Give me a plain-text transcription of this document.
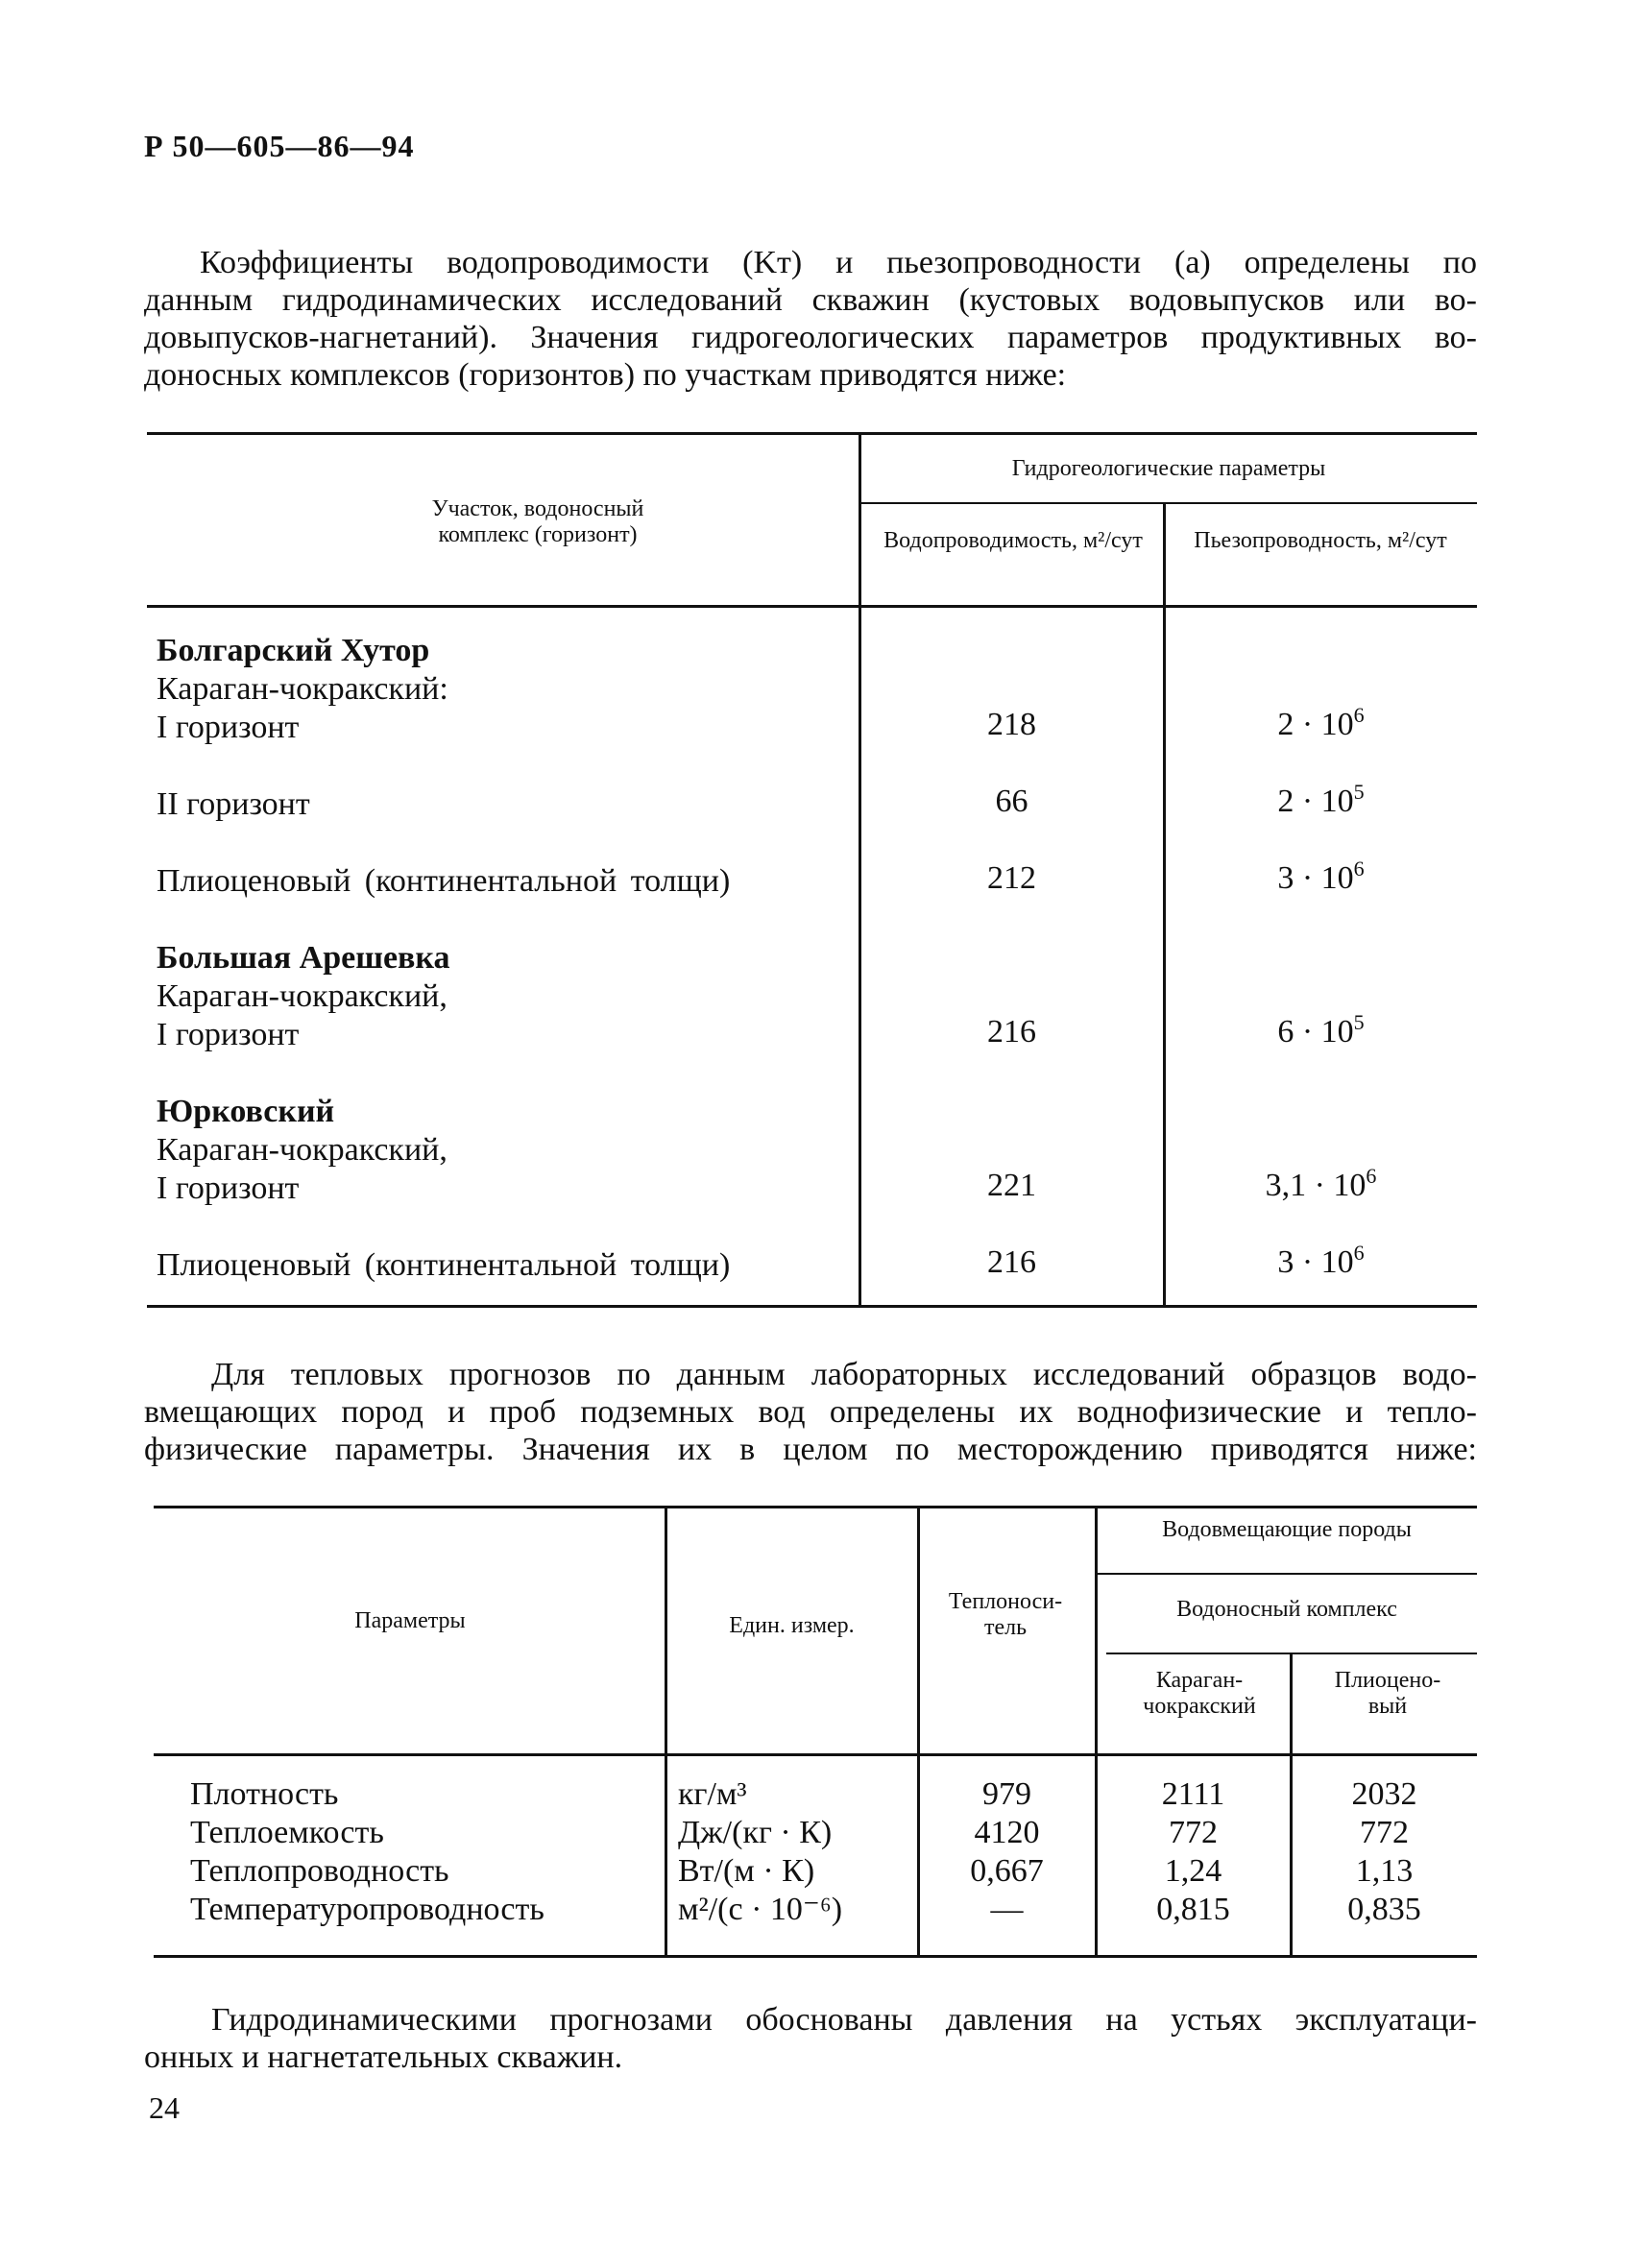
Р 50—605—86—94
Коэффициенты водопроводимости (Kт) и пьезопроводности (a) определены по
данным гидродинамических исследований скважин (кустовых водовыпусков или во-
довыпусков-нагнетаний). Значения гидрогеологических параметров продуктивных во-
доносных комплексов (горизонтов) по участкам приводятся ниже:
Участок, водоносный комплекс (горизонт)
Гидрогеологические параметры
Водопроводимость, м²/сут	Пьезопроводность, м²/сут
Болгарский Хутор
Караган-чокракский:
I горизонт	218	$2 \cdot 10^6$
II горизонт	66	$2 \cdot 10^5$
Плиоценовый (континентальной толщи)	212	$3 \cdot 10^6$
Большая Арешевка
Караган-чокракский,
I горизонт	216	$6 \cdot 10^5$
Юрковский
Караган-чокракский,
I горизонт	221	$3,1 \cdot 10^6$
Плиоценовый (континентальной толщи)	216	$3 \cdot 10^6$
Для тепловых прогнозов по данным лабораторных исследований образцов водо-
вмещающих пород и проб подземных вод определены их воднофизические и тепло-
физические параметры. Значения их в целом по месторождению приводятся ниже:
Параметры	Един. измер.
Теплоноси-тель
Водовмещающие породы
Водоносный комплекс
Караган-чокракский
Плиоцено-вый
Плотность	кг/м³	979	2111	2032
Теплоемкость	Дж/(кг · К)	4120	772	772
Теплопроводность	Вт/(м · К)	0,667	1,24	1,13
Температуропроводность	м²/(с · 10⁻⁶)	—	0,815	0,835
Гидродинамическими прогнозами обоснованы давления на устьях эксплуатаци-
онных и нагнетательных скважин.
24
